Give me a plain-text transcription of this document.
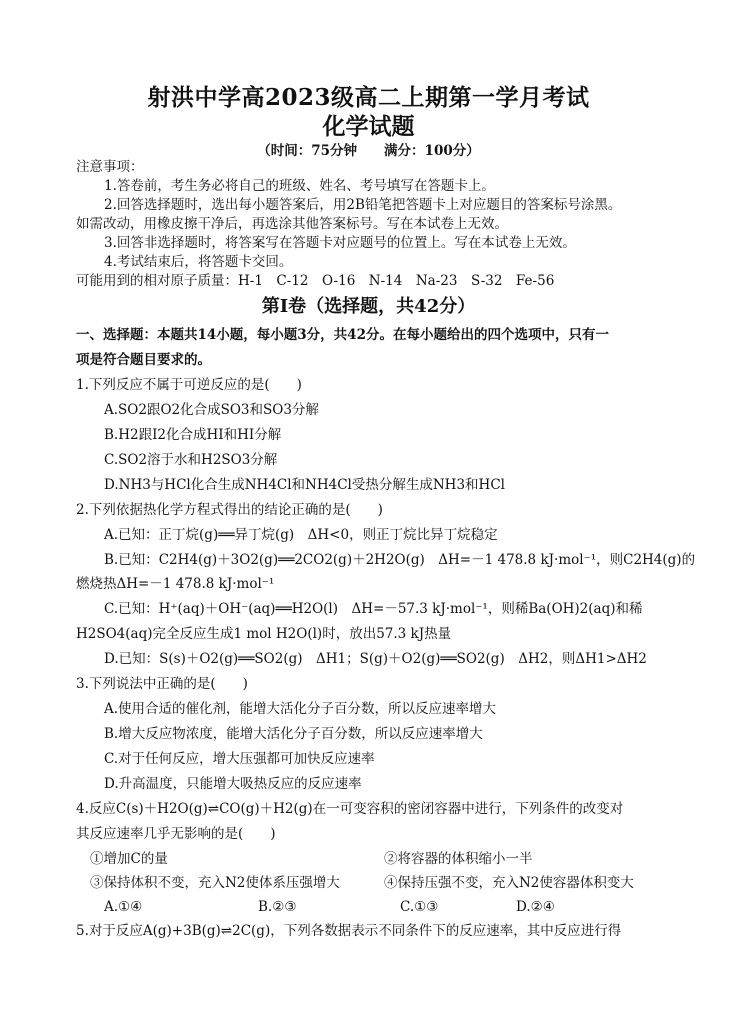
射洪中学高2023级高二上期第一学月考试
化学试题
（时间：75分钟　　满分：100分）
注意事项：
1.答卷前，考生务必将自己的班级、姓名、考号填写在答题卡上。
2.回答选择题时，选出每小题答案后，用2B铅笔把答题卡上对应题目的答案标号涂黑。
如需改动，用橡皮擦干净后，再选涂其他答案标号。写在本试卷上无效。
3.回答非选择题时，将答案写在答题卡对应题号的位置上。写在本试卷上无效。
4.考试结束后，将答题卡交回。
可能用到的相对原子质量：H-1　C-12　O-16　N-14　Na-23　S-32　Fe-56
第I卷（选择题，共42分）
一、选择题：本题共14小题，每小题3分，共42分。在每小题给出的四个选项中，只有一
项是符合题目要求的。
1.下列反应不属于可逆反应的是(　　)
A.SO2跟O2化合成SO3和SO3分解
B.H2跟I2化合成HI和HI分解
C.SO2溶于水和H2SO3分解
D.NH3与HCl化合生成NH4Cl和NH4Cl受热分解生成NH3和HCl
2.下列依据热化学方程式得出的结论正确的是(　　)
A.已知：正丁烷(g)══异丁烷(g)　ΔH<0，则正丁烷比异丁烷稳定
B.已知：C2H4(g)＋3O2(g)══2CO2(g)＋2H2O(g)　ΔH=－1 478.8 kJ·mol⁻¹，则C2H4(g)的
燃烧热ΔH=－1 478.8 kJ·mol⁻¹
C.已知：H⁺(aq)＋OH⁻(aq)══H2O(l)　ΔH=－57.3 kJ·mol⁻¹，则稀Ba(OH)2(aq)和稀
H2SO4(aq)完全反应生成1 mol H2O(l)时，放出57.3 kJ热量
D.已知：S(s)＋O2(g)══SO2(g)　ΔH1；S(g)＋O2(g)══SO2(g)　ΔH2，则ΔH1>ΔH2
3.下列说法中正确的是(　　)
A.使用合适的催化剂，能增大活化分子百分数，所以反应速率增大
B.增大反应物浓度，能增大活化分子百分数，所以反应速率增大
C.对于任何反应，增大压强都可加快反应速率
D.升高温度，只能增大吸热反应的反应速率
4.反应C(s)＋H2O(g)⇌CO(g)＋H2(g)在一可变容积的密闭容器中进行，下列条件的改变对
其反应速率几乎无影响的是(　　)
①增加C的量	②将容器的体积缩小一半
③保持体积不变，充入N2使体系压强增大	④保持压强不变，充入N2使容器体积变大
A.①④	B.②③	C.①③	D.②④
5.对于反应A(g)+3B(g)⇌2C(g)，下列各数据表示不同条件下的反应速率，其中反应进行得
